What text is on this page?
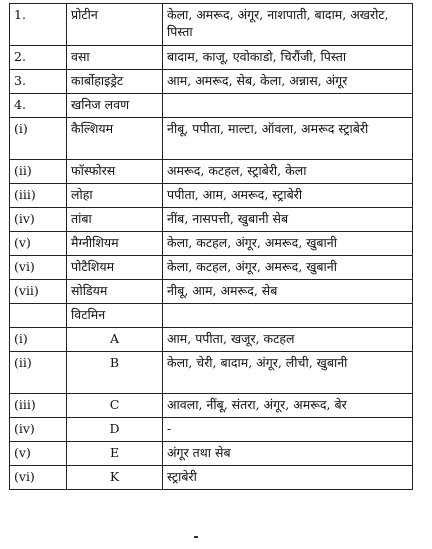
1.	प्रोटीन	केला, अमरूद, अंगूर, नाशपाती, बादाम, अखरोट, पिस्ता
2.	वसा	बादाम, काजू, एवोकाडो, चिरौंजी, पिस्ता
3.	कार्बोहाइड्रेट	आम, अमरूद, सेब, केला, अन्नास, अंगूर
4.	खनिज लवण	
(i)	कैल्शियम	नीबू, पपीता, माल्टा, ऑवला, अमरूद स्ट्राबेरी
(ii)	फॉस्फोरस	अमरूद, कटहल, स्ट्राबेरी, केला
(iii)	लोहा	पपीता, आम, अमरूद, स्ट्राबेरी
(iv)	तांबा	नींब, नासपत्ती, खुबानी सेब
(v)	मैग्नीशियम	केला, कटहल, अंगूर, अमरूद, खुबानी
(vi)	पोटैशियम	केला, कटहल, अंगूर, अमरूद, खुबानी
(vii)	सोडियम	नीबू, आम, अमरूद, सेब
	विटमिन	
(i)	A	आम, पपीता, खजूर, कटहल
(ii)	B	केला, चेरी, बादाम, अंगूर, लीची, खुबानी
(iii)	C	आवला, नींबू, संतरा, अंगूर, अमरूद, बेर
(iv)	D	-
(v)	E	अंगूर तथा सेब
(vi)	K	स्ट्राबेरी
